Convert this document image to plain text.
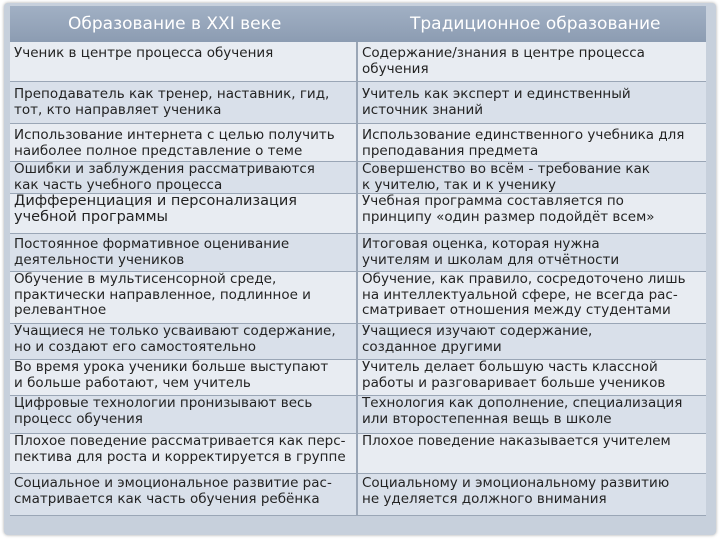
Образование в XXI веке	Традиционное образование
Ученик в центре процесса обучения	Содержание/знания в центре процесса
обучения
Преподаватель как тренер, наставник, гид,
тот, кто направляет ученика
Учитель как эксперт и единственный
источник знаний
Использование интернета с целью получить
наиболее полное представление о теме
Использование единственного учебника для
преподавания предмета
Ошибки и заблуждения рассматриваются
как часть учебного процесса
Совершенство во всём - требование как
к учителю, так и к ученику
Дифференциация и персонализация
учебной программы
Учебная программа составляется по
принципу «один размер подойдёт всем»
Постоянное формативное оценивание
деятельности учеников
Итоговая оценка, которая нужна
учителям и школам для отчётности
Обучение в мультисенсорной среде,
практически направленное, подлинное и
релевантное
Обучение, как правило, сосредоточено лишь
на интеллектуальной сфере, не всегда рас-
сматривает отношения между студентами
Учащиеся не только усваивают содержание,
но и создают его самостоятельно
Учащиеся изучают содержание,
созданное другими
Во время урока ученики больше выступают
и больше работают, чем учитель
Учитель делает большую часть классной
работы и разговаривает больше учеников
Цифровые технологии пронизывают весь
процесс обучения
Технология как дополнение, специализация
или второстепенная вещь в школе
Плохое поведение рассматривается как перс-
пектива для роста и корректируется в группе
Плохое поведение наказывается учителем
Социальное и эмоциональное развитие рас-
сматривается как часть обучения ребёнка
Социальному и эмоциональному развитию
не уделяется должного внимания
